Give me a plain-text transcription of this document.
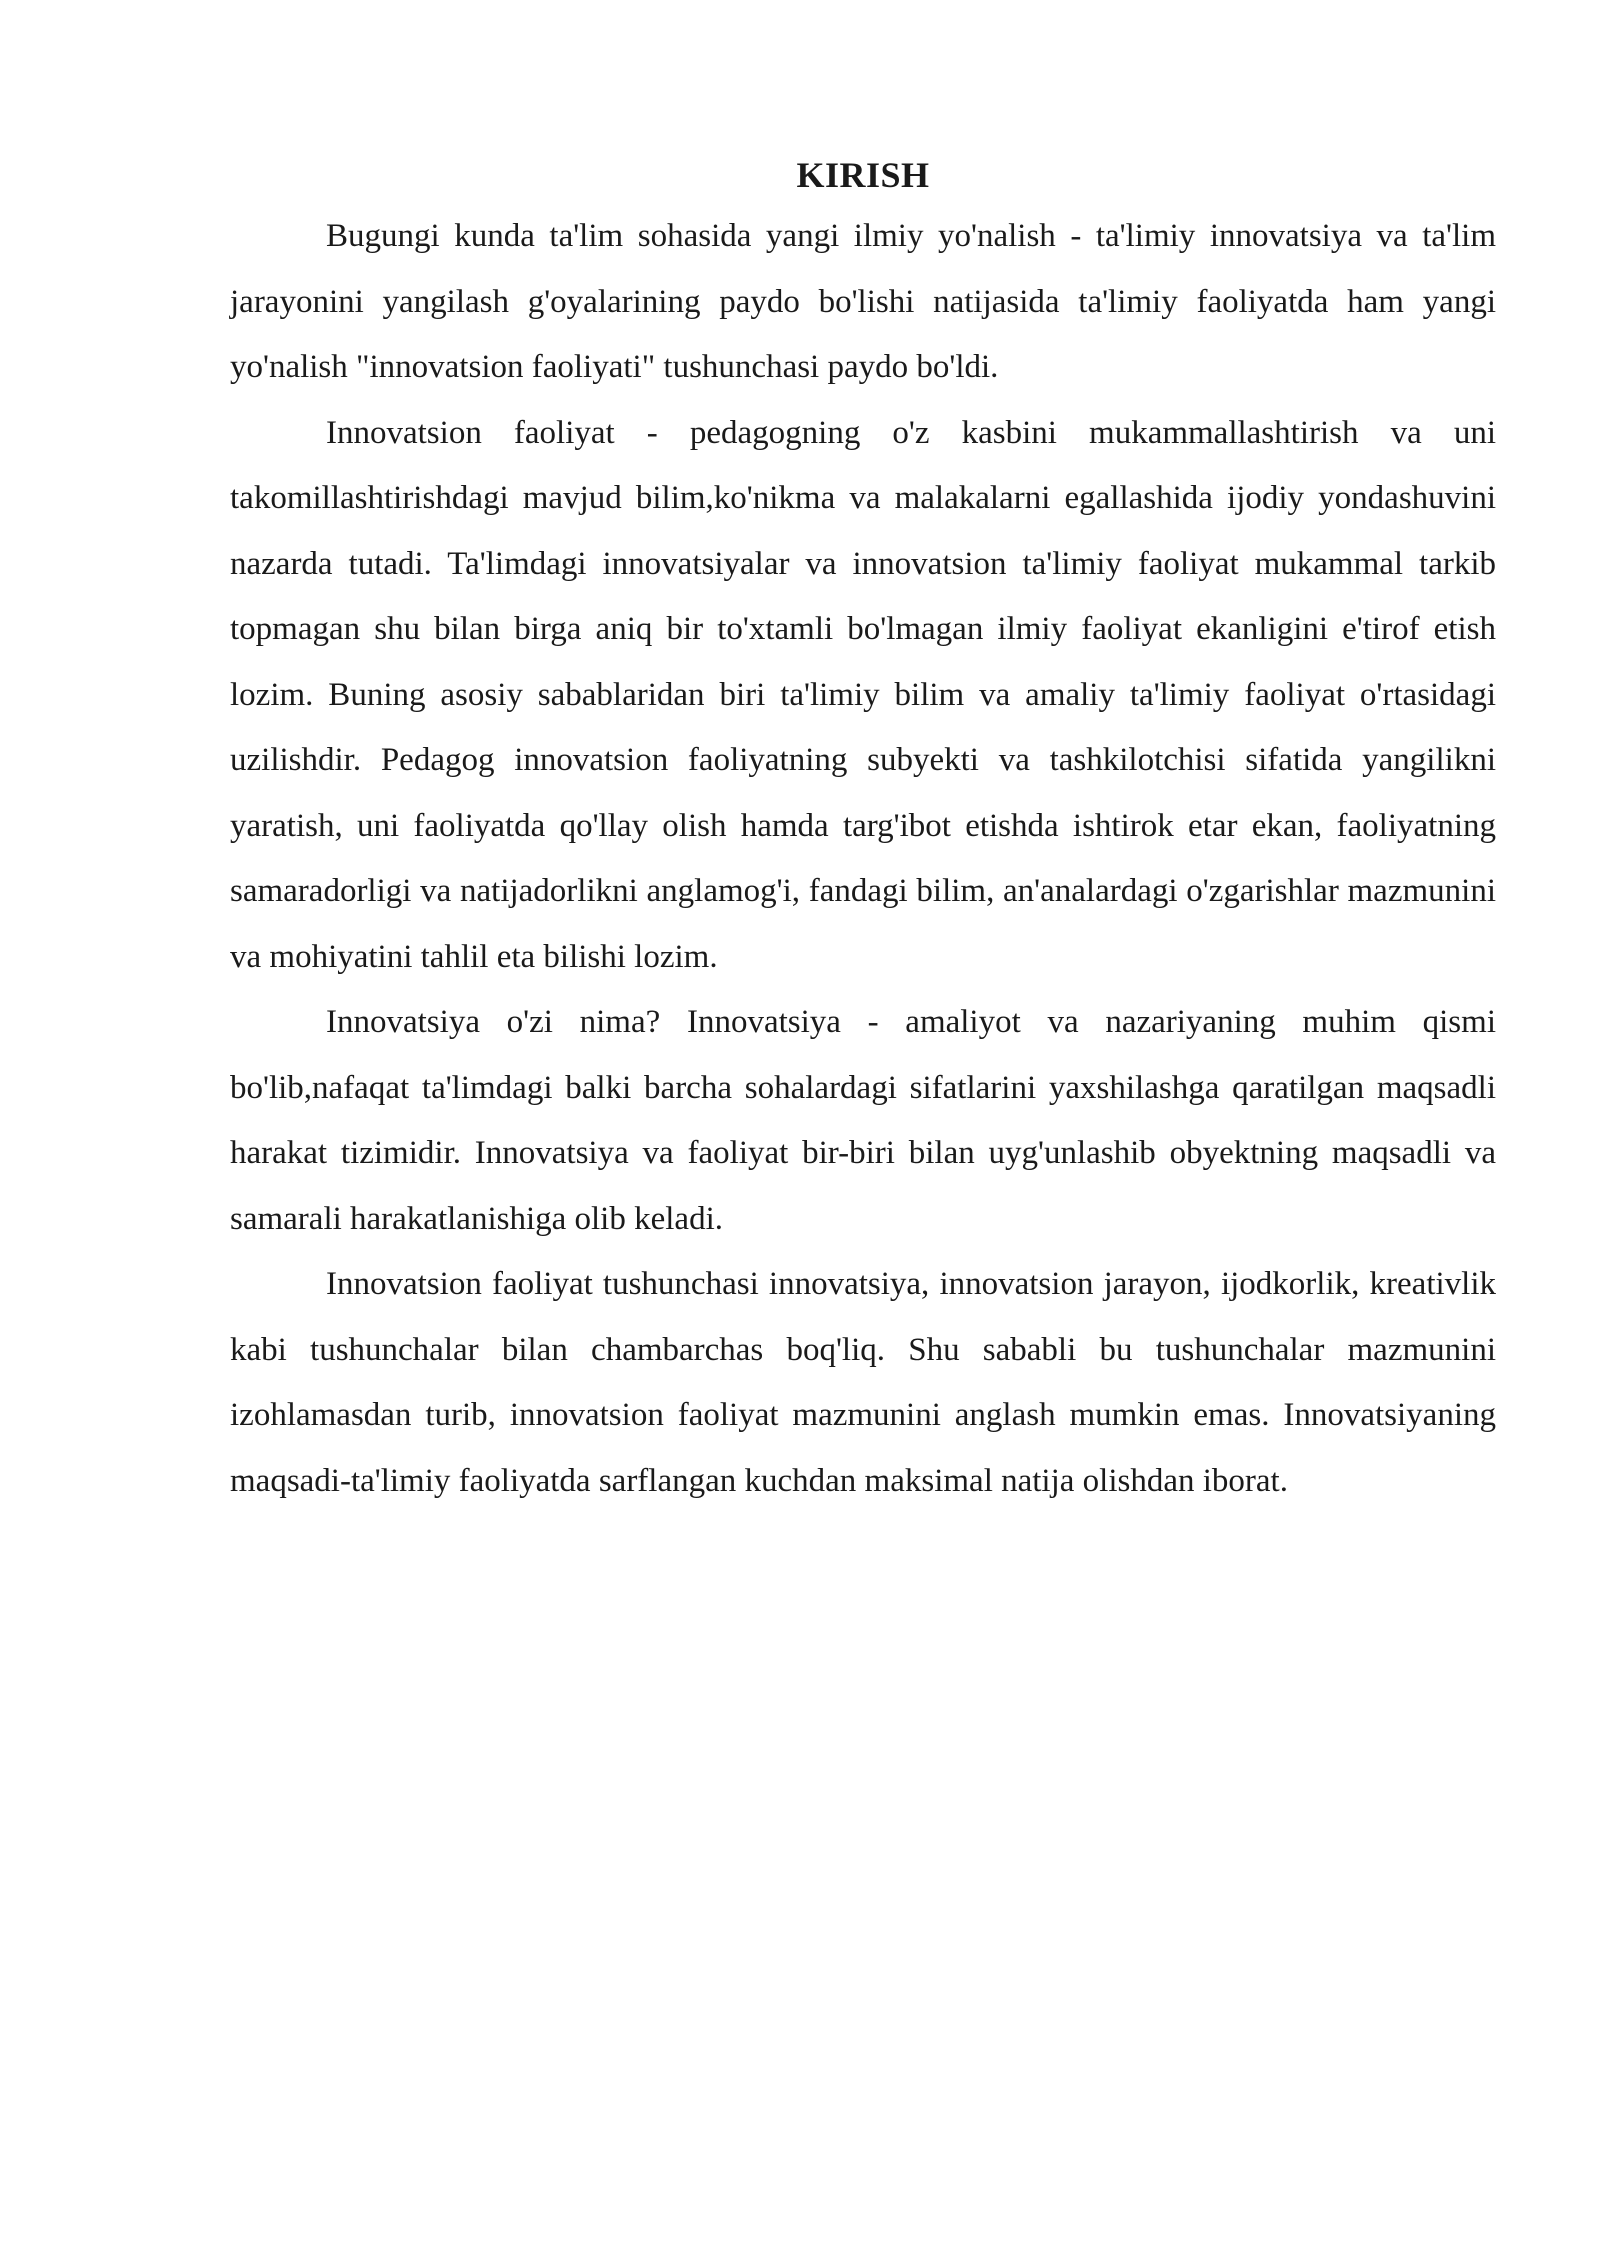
KIRISH

Bugungi kunda ta'lim sohasida yangi ilmiy yo'nalish - ta'limiy innovatsiya va ta'lim jarayonini yangilash g'oyalarining paydo bo'lishi natijasida ta'limiy faoliyatda ham yangi yo'nalish "innovatsion faoliyati" tushunchasi paydo bo'ldi.

Innovatsion faoliyat - pedagogning o'z kasbini mukammallashtirish va uni takomillashtirishdagi mavjud bilim,ko'nikma va malakalarni egallashida ijodiy yondashuvini nazarda tutadi. Ta'limdagi innovatsiyalar va innovatsion ta'limiy faoliyat mukammal tarkib topmagan shu bilan birga aniq bir to'xtamli bo'lmagan ilmiy faoliyat ekanligini e'tirof etish lozim. Buning asosiy sabablaridan biri ta'limiy bilim va amaliy ta'limiy faoliyat o'rtasidagi uzilishdir. Pedagog innovatsion faoliyatning subyekti va tashkilotchisi sifatida yangilikni yaratish, uni faoliyatda qo'llay olish hamda targ'ibot etishda ishtirok etar ekan, faoliyatning samaradorligi va natijadorlikni anglamog'i, fandagi bilim, an'analardagi o'zgarishlar mazmunini va mohiyatini tahlil eta bilishi lozim.

Innovatsiya o'zi nima? Innovatsiya - amaliyot va nazariyaning muhim qismi bo'lib,nafaqat ta'limdagi balki barcha sohalardagi sifatlarini yaxshilashga qaratilgan maqsadli harakat tizimidir. Innovatsiya va faoliyat bir-biri bilan uyg'unlashib obyektning maqsadli va samarali harakatlanishiga olib keladi.

Innovatsion faoliyat tushunchasi innovatsiya, innovatsion jarayon, ijodkorlik, kreativlik kabi tushunchalar bilan chambarchas boq'liq. Shu sababli bu tushunchalar mazmunini izohlamasdan turib, innovatsion faoliyat mazmunini anglash mumkin emas. Innovatsiyaning maqsadi-ta'limiy faoliyatda sarflangan kuchdan maksimal natija olishdan iborat.
